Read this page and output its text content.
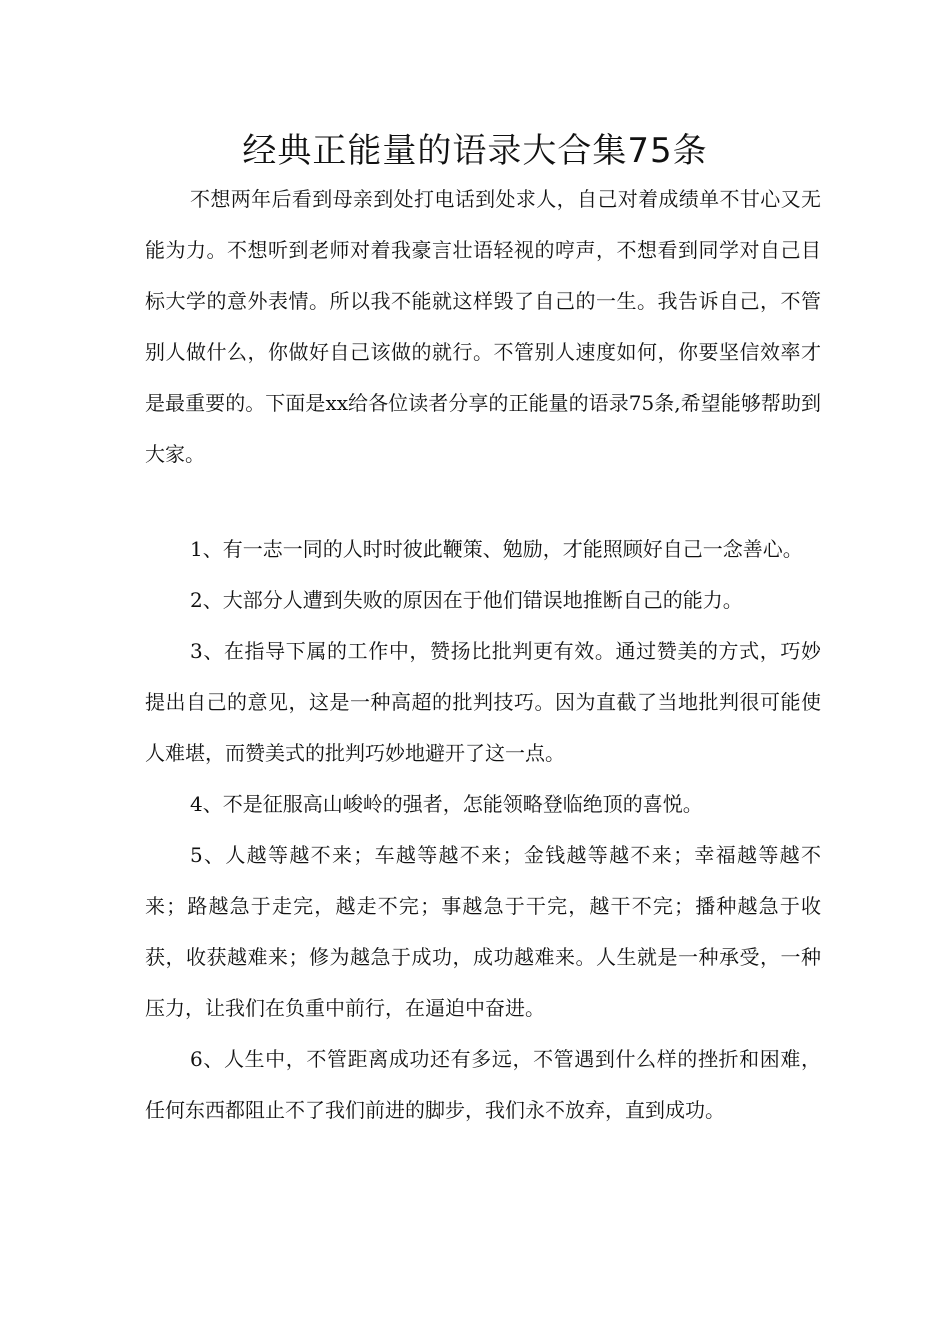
经典正能量的语录大合集75条

不想两年后看到母亲到处打电话到处求人，自己对着成绩单不甘心又无能为力。不想听到老师对着我豪言壮语轻视的哼声，不想看到同学对自己目标大学的意外表情。所以我不能就这样毁了自己的一生。我告诉自己，不管别人做什么，你做好自己该做的就行。不管别人速度如何，你要坚信效率才是最重要的。下面是xx给各位读者分享的正能量的语录75条,希望能够帮助到大家。

1、有一志一同的人时时彼此鞭策、勉励，才能照顾好自己一念善心。

2、大部分人遭到失败的原因在于他们错误地推断自己的能力。

3、在指导下属的工作中，赞扬比批判更有效。通过赞美的方式，巧妙提出自己的意见，这是一种高超的批判技巧。因为直截了当地批判很可能使人难堪，而赞美式的批判巧妙地避开了这一点。

4、不是征服高山峻岭的强者，怎能领略登临绝顶的喜悦。

5、人越等越不来；车越等越不来；金钱越等越不来；幸福越等越不来；路越急于走完，越走不完；事越急于干完，越干不完；播种越急于收获，收获越难来；修为越急于成功，成功越难来。人生就是一种承受，一种压力，让我们在负重中前行，在逼迫中奋进。

6、人生中，不管距离成功还有多远，不管遇到什么样的挫折和困难，任何东西都阻止不了我们前进的脚步，我们永不放弃，直到成功。
